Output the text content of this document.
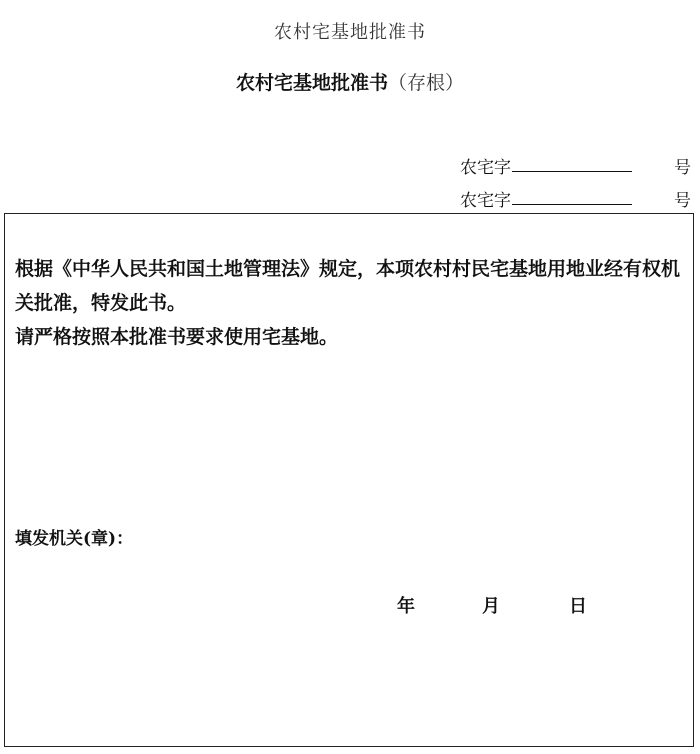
农村宅基地批准书
农村宅基地批准书（存根）
农宅字	号
农宅字	号

根据《中华人民共和国土地管理法》规定，本项农村村民宅基地用地业经有权机关批准，特发此书。

请严格按照本批准书要求使用宅基地。

填发机关(章)：
年	月	日
